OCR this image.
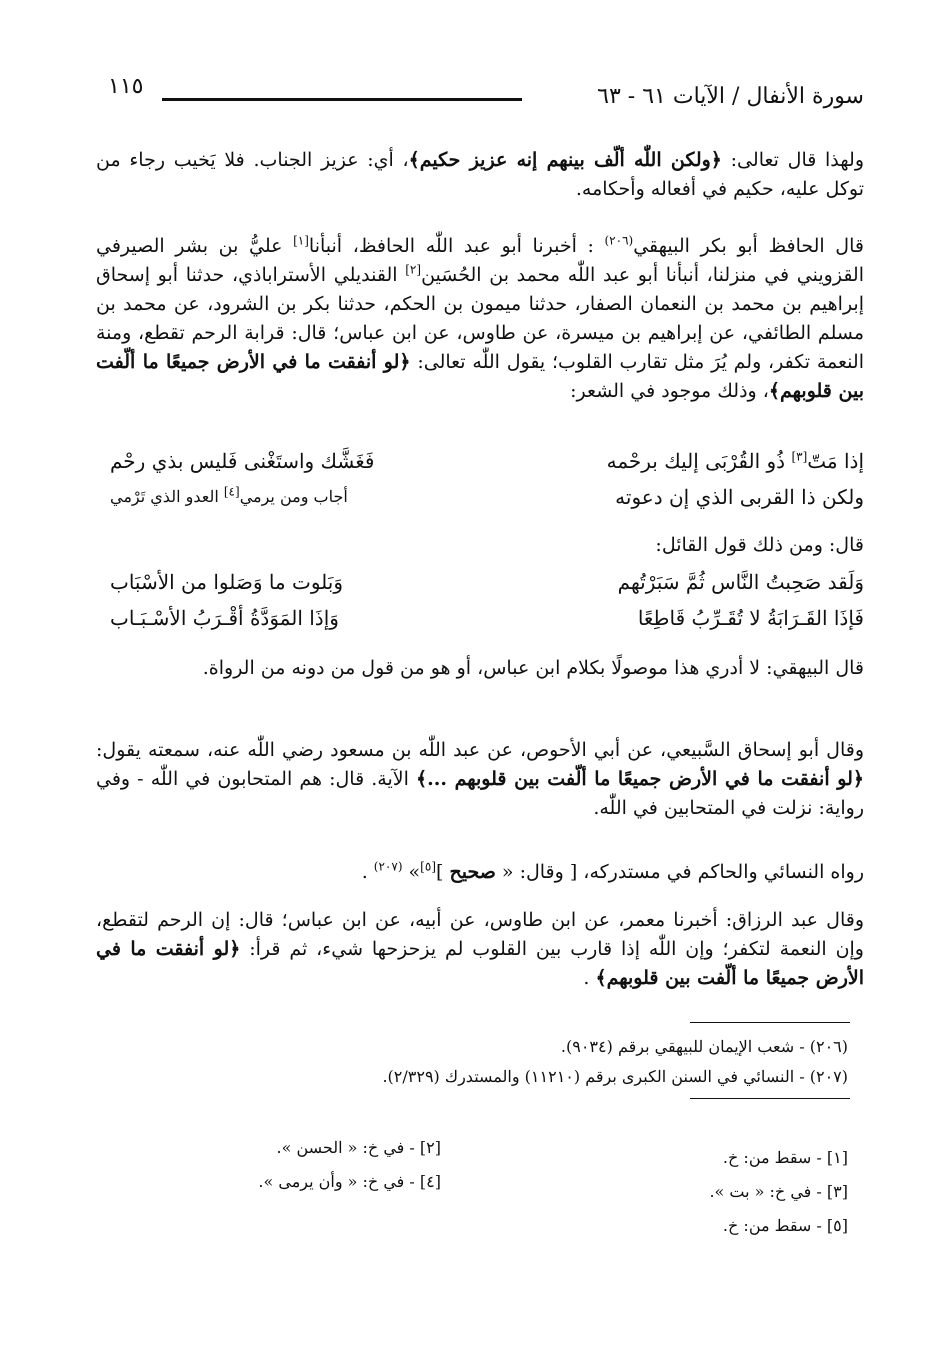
سورة الأنفال / الآيات ٦١ - ٦٣
١١٥
ولهذا قال تعالى: ﴿ولكن اللّٰه ألّف بينهم إنه عزيز حكيم﴾، أي: عزيز الجناب. فلا يَخيب رجاء من توكل عليه، حكيم في أفعاله وأحكامه.
قال الحافظ أبو بكر البيهقي$^{(٢٠٦)}$ : أخبرنا أبو عبد اللّٰه الحافظ، أنبأنا[١] عليُّ بن بشر الصيرفي القزويني في منزلنا، أنبأنا أبو عبد اللّٰه محمد بن الحُسَين[٢] القنديلي الأستراباذي، حدثنا أبو إسحاق إبراهيم بن محمد بن النعمان الصفار، حدثنا ميمون بن الحكم، حدثنا بكر بن الشرود، عن محمد بن مسلم الطائفي، عن إبراهيم بن ميسرة، عن طاوس، عن ابن عباس؛ قال: قرابة الرحم تقطع، ومنة النعمة تكفر، ولم يُرَ مثل تقارب القلوب؛ يقول اللّٰه تعالى: ﴿لو أنفقت ما في الأرض جميعًا ما ألّفت بين قلوبهم﴾، وذلك موجود في الشعر:
إذا مَتّ[٣] ذُو القُرْبَى إليك برحْمه
فَغَشَّك واستَغْنى فَليس بذي رحْم
ولكن ذا القربى الذي إن دعوته
أجاب ومن يرمي[٤] العدو الذي تَرْمي
قال: ومن ذلك قول القائل:
وَلَقد صَحِبتُ النَّاس ثُمَّ سَبَرْتُهم
وَبَلوت ما وَصَلوا من الأسْبَاب
فَإذَا القَـرَابَةُ لا تُقَـرِّبُ قَاطِعًا
وَإذَا المَوَدَّةُ أقْـرَبُ الأسْـبَـاب
قال البيهقي: لا أدري هذا موصولًا بكلام ابن عباس، أو هو من قول من دونه من الرواة.
وقال أبو إسحاق السَّبيعي، عن أبي الأحوص، عن عبد اللّٰه بن مسعود رضي اللّٰه عنه، سمعته يقول: ﴿لو أنفقت ما في الأرض جميعًا ما ألّفت بين قلوبهم ...﴾ الآية. قال: هم المتحابون في اللّٰه - وفي رواية: نزلت في المتحابين في اللّٰه.
رواه النسائي والحاكم في مستدركه، [ وقال: « صحيح ][٥]» $^{(٢٠٧)}$ .
وقال عبد الرزاق: أخبرنا معمر، عن ابن طاوس، عن أبيه، عن ابن عباس؛ قال: إن الرحم لتقطع، وإن النعمة لتكفر؛ وإن اللّٰه إذا قارب بين القلوب لم يزحزحها شيء، ثم قرأ: ﴿لو أنفقت ما في الأرض جميعًا ما ألّفت بين قلوبهم﴾ .
(٢٠٦) - شعب الإيمان للبيهقي برقم (٩٠٣٤).
(٢٠٧) - النسائي في السنن الكبرى برقم (١١٢١٠) والمستدرك (٢/٣٢٩).
[١] - سقط من: خ.
[٢] - في خ: « الحسن ».
[٣] - في خ: « بت ».
[٤] - في خ: « وأن يرمى ».
[٥] - سقط من: خ.
